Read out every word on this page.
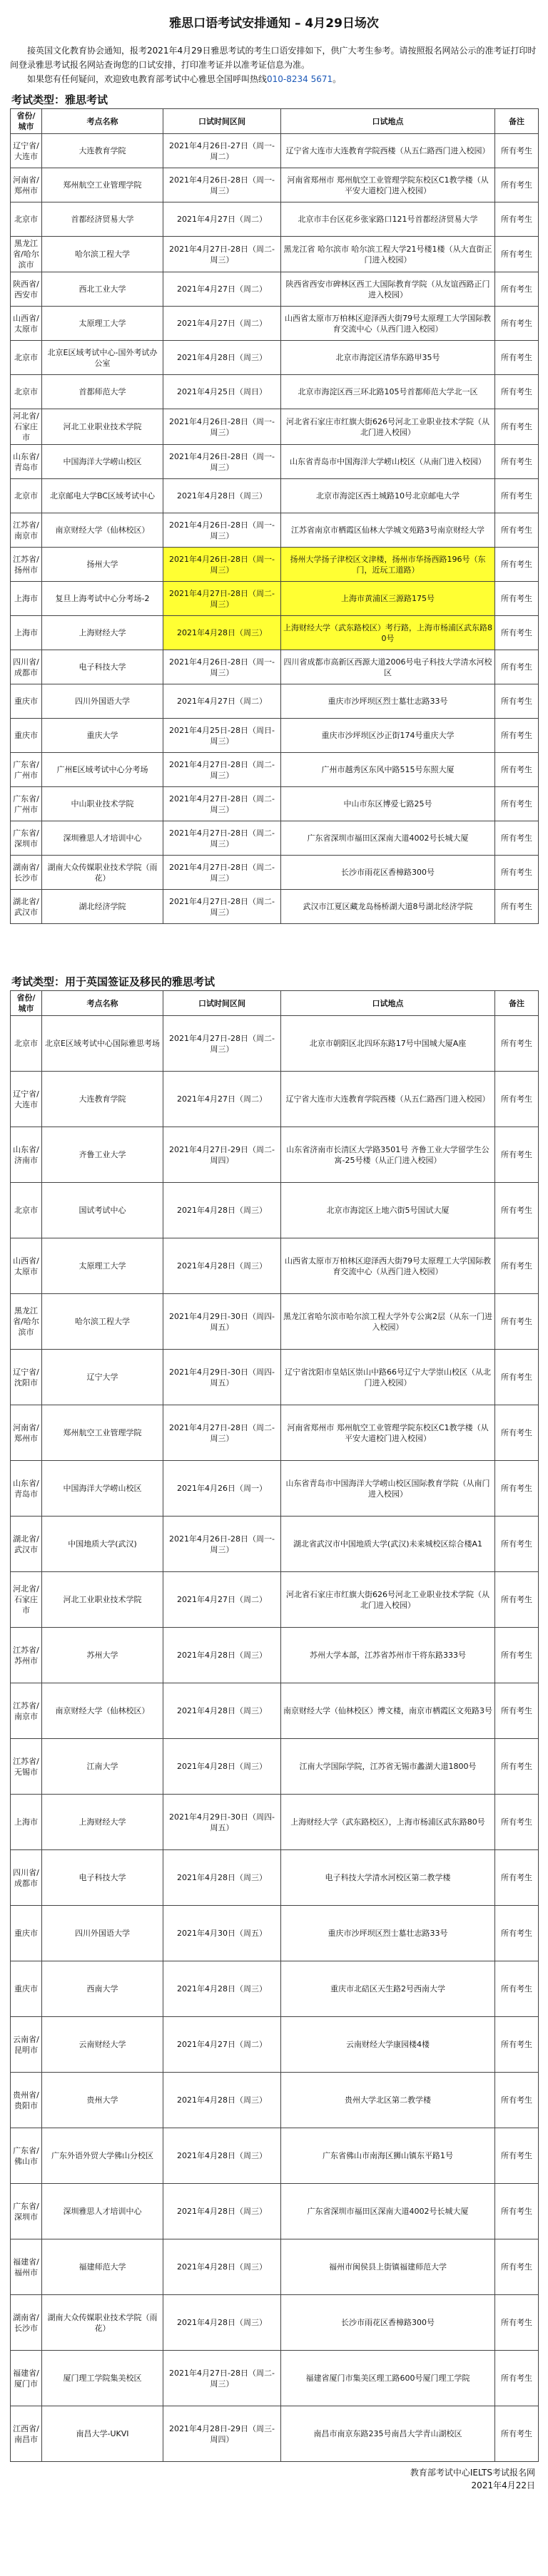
雅思口语考试安排通知 – 4月29日场次

接英国文化教育协会通知，报考2021年4月29日雅思考试的考生口语安排如下，供广大考生参考。请按照报名网站公示的准考证打印时间登录雅思考试报名网站查询您的口试安排，打印准考证并以准考证信息为准。

如果您有任何疑问，欢迎致电教育部考试中心雅思全国呼叫热线010-8234 5671。

考试类型：雅思考试
省份/城市	考点名称	口试时间区间	口试地点	备注
辽宁省/大连市	大连教育学院	2021年4月26日-27日（周一-周二）	辽宁省大连市大连教育学院西楼（从五仁路西门进入校园）	所有考生
河南省/郑州市	郑州航空工业管理学院	2021年4月26日-28日（周一-周三）	河南省郑州市 郑州航空工业管理学院东校区C1教学楼（从平安大道校门进入校园）	所有考生
北京市	首都经济贸易大学	2021年4月27日（周二）	北京市丰台区花乡张家路口121号首都经济贸易大学	所有考生
黑龙江省/哈尔滨市	哈尔滨工程大学	2021年4月27日-28日（周二-周三）	黑龙江省 哈尔滨市 哈尔滨工程大学21号楼1楼（从大直街正门进入校园）	所有考生
陕西省/西安市	西北工业大学	2021年4月27日（周二）	陕西省西安市碑林区西工大国际教育学院（从友谊西路正门进入校园）	所有考生
山西省/太原市	太原理工大学	2021年4月27日（周二）	山西省太原市万柏林区迎泽西大街79号太原理工大学国际教育交流中心（从西门进入校园）	所有考生
北京市	北京E区域考试中心-国外考试办公室	2021年4月28日（周三）	北京市海淀区清华东路甲35号	所有考生
北京市	首都师范大学	2021年4月25日（周日）	北京市海淀区西三环北路105号首都师范大学北一区	所有考生
河北省/石家庄市	河北工业职业技术学院	2021年4月26日-28日（周一-周三）	河北省石家庄市红旗大街626号河北工业职业技术学院（从北门进入校园）	所有考生
山东省/青岛市	中国海洋大学崂山校区	2021年4月26日-28日（周一-周三）	山东省青岛市中国海洋大学崂山校区（从南门进入校园）	所有考生
北京市	北京邮电大学BC区域考试中心	2021年4月28日（周三）	北京市海淀区西土城路10号北京邮电大学	所有考生
江苏省/南京市	南京财经大学（仙林校区）	2021年4月26日-28日（周一-周三）	江苏省南京市栖霞区仙林大学城文苑路3号南京财经大学	所有考生
江苏省/扬州市	扬州大学	2021年4月26日-28日（周一-周三）	扬州大学扬子津校区文津楼，扬州市华扬西路196号（东门，近玩工道路）	所有考生
上海市	复旦上海考试中心分考场-2	2021年4月27日-28日（周二-周三）	上海市黄浦区三源路175号	所有考生
上海市	上海财经大学	2021年4月28日（周三）	上海财经大学（武东路校区）考行路，上海市杨浦区武东路80号	所有考生
四川省/成都市	电子科技大学	2021年4月26日-28日（周一-周三）	四川省成都市高新区西源大道2006号电子科技大学清水河校区	所有考生
重庆市	四川外国语大学	2021年4月27日（周二）	重庆市沙坪坝区烈士墓壮志路33号	所有考生
重庆市	重庆大学	2021年4月25日-28日（周日-周三）	重庆市沙坪坝区沙正街174号重庆大学	所有考生
广东省/广州市	广州E区域考试中心分考场	2021年4月27日-28日（周二-周三）	广州市越秀区东风中路515号东照大厦	所有考生
广东省/广州市	中山职业技术学院	2021年4月27日-28日（周二-周三）	中山市东区博爱七路25号	所有考生
广东省/深圳市	深圳雅思人才培训中心	2021年4月27日-28日（周二-周三）	广东省深圳市福田区深南大道4002号长城大厦	所有考生
湖南省/长沙市	湖南大众传媒职业技术学院（雨花）	2021年4月27日-28日（周二-周三）	长沙市雨花区香樟路300号	所有考生
湖北省/武汉市	湖北经济学院	2021年4月27日-28日（周二-周三）	武汉市江夏区藏龙岛杨桥湖大道8号湖北经济学院	所有考生
考试类型：用于英国签证及移民的雅思考试
省份/城市	考点名称	口试时间区间	口试地点	备注
北京市	北京E区域考试中心国际雅思考场	2021年4月27日-28日（周二-周三）	北京市朝阳区北四环东路17号中国城大厦A座	所有考生
辽宁省/大连市	大连教育学院	2021年4月27日（周二）	辽宁省大连市大连教育学院西楼（从五仁路西门进入校园）	所有考生
山东省/济南市	齐鲁工业大学	2021年4月27日-29日（周二-周四）	山东省济南市长清区大学路3501号 齐鲁工业大学留学生公寓-25号楼（从正门进入校园）	所有考生
北京市	国试考试中心	2021年4月28日（周三）	北京市海淀区上地六街5号国试大厦	所有考生
山西省/太原市	太原理工大学	2021年4月28日（周三）	山西省太原市万柏林区迎泽西大街79号太原理工大学国际教育交流中心（从西门进入校园）	所有考生
黑龙江省/哈尔滨市	哈尔滨工程大学	2021年4月29日-30日（周四-周五）	黑龙江省哈尔滨市哈尔滨工程大学外专公寓2层（从东一门进入校园）	所有考生
辽宁省/沈阳市	辽宁大学	2021年4月29日-30日（周四-周五）	辽宁省沈阳市皇姑区崇山中路66号辽宁大学崇山校区（从北门进入校园）	所有考生
河南省/郑州市	郑州航空工业管理学院	2021年4月27日-28日（周二-周三）	河南省郑州市 郑州航空工业管理学院东校区C1教学楼（从平安大道校门进入校园）	所有考生
山东省/青岛市	中国海洋大学崂山校区	2021年4月26日（周一）	山东省青岛市中国海洋大学崂山校区国际教育学院（从南门进入校园）	所有考生
湖北省/武汉市	中国地质大学(武汉)	2021年4月26日-28日（周一-周三）	湖北省武汉市中国地质大学(武汉)未来城校区综合楼A1	所有考生
河北省/石家庄市	河北工业职业技术学院	2021年4月27日（周二）	河北省石家庄市红旗大街626号河北工业职业技术学院（从北门进入校园）	所有考生
江苏省/苏州市	苏州大学	2021年4月28日（周三）	苏州大学本部，江苏省苏州市干将东路333号	所有考生
江苏省/南京市	南京财经大学（仙林校区）	2021年4月28日（周三）	南京财经大学（仙林校区）博文楼，南京市栖霞区文苑路3号	所有考生
江苏省/无锡市	江南大学	2021年4月28日（周三）	江南大学国际学院，江苏省无锡市蠡湖大道1800号	所有考生
上海市	上海财经大学	2021年4月29日-30日（周四-周五）	上海财经大学（武东路校区），上海市杨浦区武东路80号	所有考生
四川省/成都市	电子科技大学	2021年4月28日（周三）	电子科技大学清水河校区第二教学楼	所有考生
重庆市	四川外国语大学	2021年4月30日（周五）	重庆市沙坪坝区烈士墓壮志路33号	所有考生
重庆市	西南大学	2021年4月28日（周三）	重庆市北碚区天生路2号西南大学	所有考生
云南省/昆明市	云南财经大学	2021年4月27日（周二）	云南财经大学康园楼4楼	所有考生
贵州省/贵阳市	贵州大学	2021年4月28日（周三）	贵州大学北区第二教学楼	所有考生
广东省/佛山市	广东外语外贸大学佛山分校区	2021年4月28日（周三）	广东省佛山市南海区狮山镇东平路1号	所有考生
广东省/深圳市	深圳雅思人才培训中心	2021年4月28日（周三）	广东省深圳市福田区深南大道4002号长城大厦	所有考生
福建省/福州市	福建师范大学	2021年4月28日（周三）	福州市闽侯县上街镇福建师范大学	所有考生
湖南省/长沙市	湖南大众传媒职业技术学院（雨花）	2021年4月28日（周三）	长沙市雨花区香樟路300号	所有考生
福建省/厦门市	厦门理工学院集美校区	2021年4月27日-28日（周二-周三）	福建省厦门市集美区理工路600号厦门理工学院	所有考生
江西省/南昌市	南昌大学-UKVI	2021年4月28日-29日（周三-周四）	南昌市南京东路235号南昌大学青山湖校区	所有考生
教育部考试中心IELTS考试报名网
2021年4月22日
